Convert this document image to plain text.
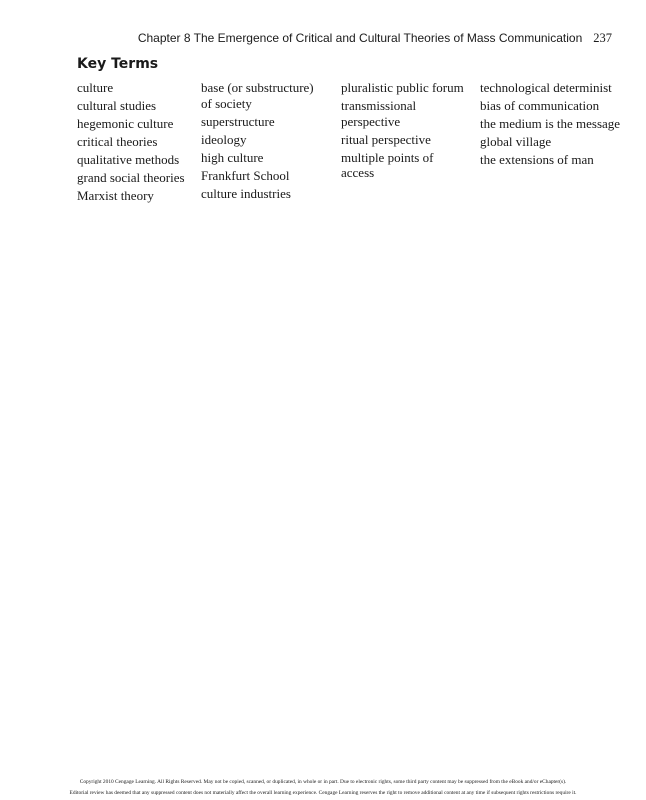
Chapter 8 The Emergence of Critical and Cultural Theories of Mass Communication 237
Key Terms
culture
cultural studies
hegemonic culture
critical theories
qualitative methods
grand social theories
Marxist theory
base (or substructure) of society
superstructure
ideology
high culture
Frankfurt School
culture industries
pluralistic public forum
transmissional perspective
ritual perspective
multiple points of access
technological determinist
bias of communication
the medium is the message
global village
the extensions of man
Copyright 2010 Cengage Learning. All Rights Reserved. May not be copied, scanned, or duplicated, in whole or in part. Due to electronic rights, some third party content may be suppressed from the eBook and/or eChapter(s).
Editorial review has deemed that any suppressed content does not materially affect the overall learning experience. Cengage Learning reserves the right to remove additional content at any time if subsequent rights restrictions require it.
